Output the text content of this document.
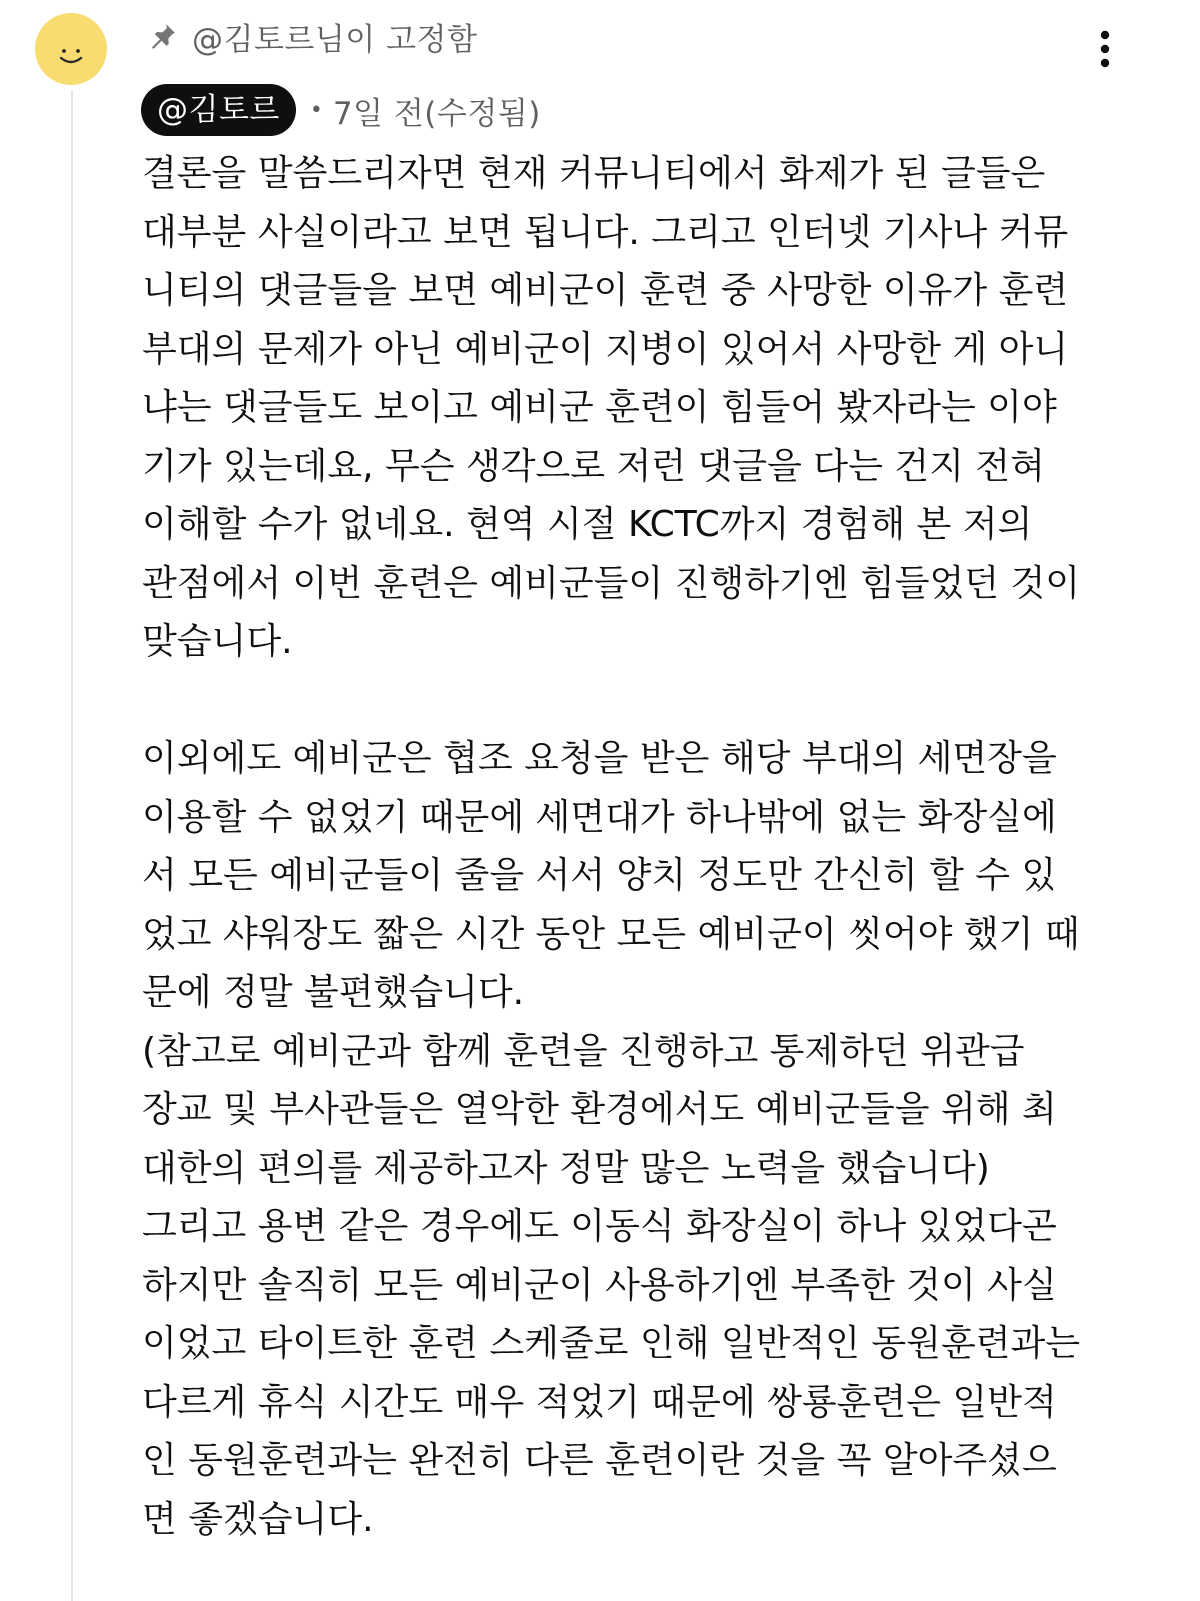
@김토르님이 고정함
@김토르	• 7일 전(수정됨)

결론을 말씀드리자면 현재 커뮤니티에서 화제가 된 글들은
대부분 사실이라고 보면 됩니다. 그리고 인터넷 기사나 커뮤
니티의 댓글들을 보면 예비군이 훈련 중 사망한 이유가 훈련
부대의 문제가 아닌 예비군이 지병이 있어서 사망한 게 아니
냐는 댓글들도 보이고 예비군 훈련이 힘들어 봤자라는 이야
기가 있는데요, 무슨 생각으로 저런 댓글을 다는 건지 전혀
이해할 수가 없네요. 현역 시절 KCTC까지 경험해 본 저의
관점에서 이번 훈련은 예비군들이 진행하기엔 힘들었던 것이
맞습니다.

이외에도 예비군은 협조 요청을 받은 해당 부대의 세면장을
이용할 수 없었기 때문에 세면대가 하나밖에 없는 화장실에
서 모든 예비군들이 줄을 서서 양치 정도만 간신히 할 수 있
었고 샤워장도 짧은 시간 동안 모든 예비군이 씻어야 했기 때
문에 정말 불편했습니다.
(참고로 예비군과 함께 훈련을 진행하고 통제하던 위관급
장교 및 부사관들은 열악한 환경에서도 예비군들을 위해 최
대한의 편의를 제공하고자 정말 많은 노력을 했습니다)
그리고 용변 같은 경우에도 이동식 화장실이 하나 있었다곤
하지만 솔직히 모든 예비군이 사용하기엔 부족한 것이 사실
이었고 타이트한 훈련 스케줄로 인해 일반적인 동원훈련과는
다르게 휴식 시간도 매우 적었기 때문에 쌍룡훈련은 일반적
인 동원훈련과는 완전히 다른 훈련이란 것을 꼭 알아주셨으
면 좋겠습니다.
